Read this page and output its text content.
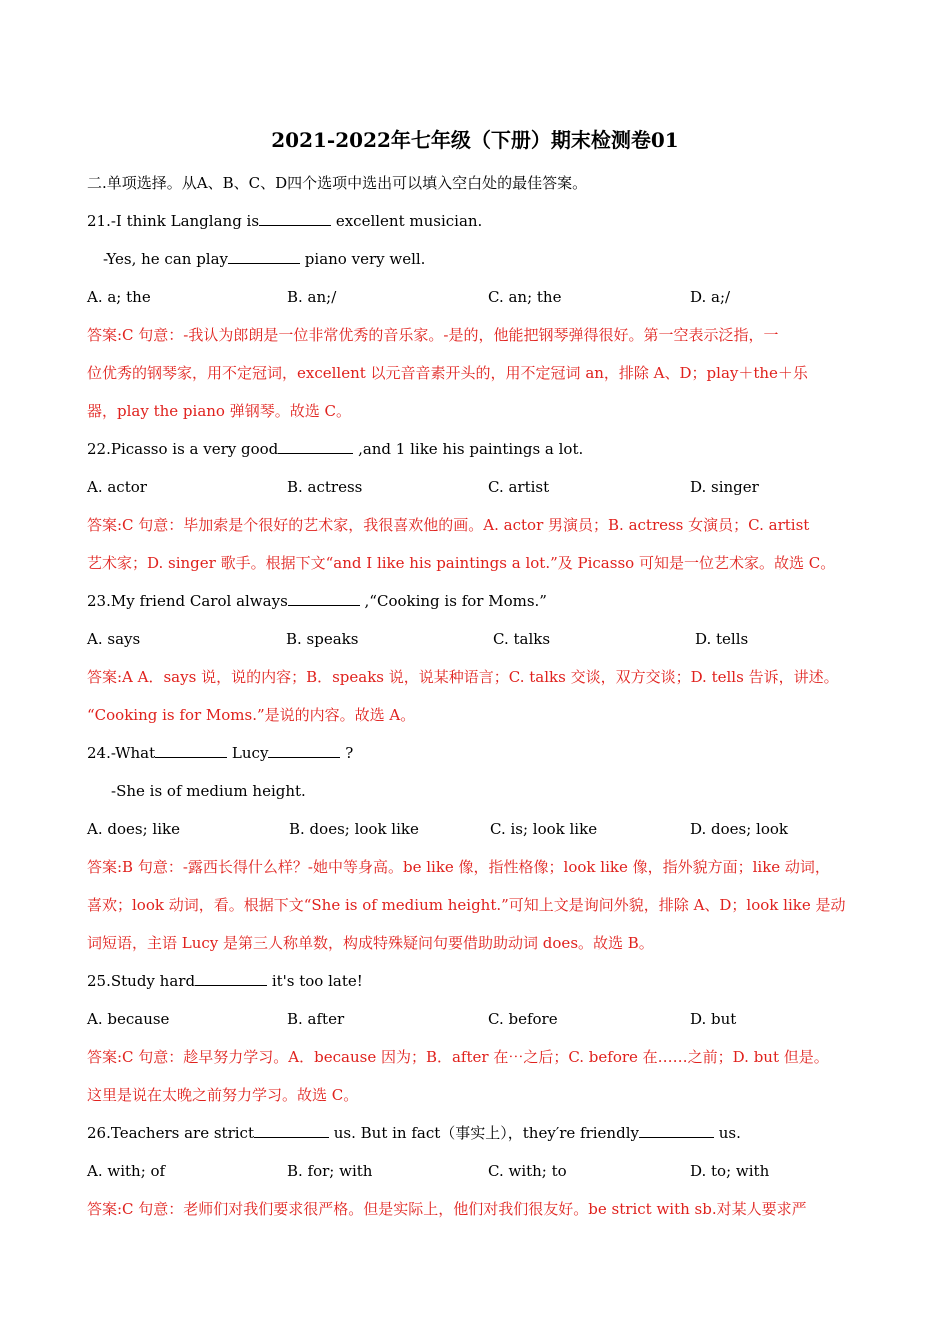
2021-2022年七年级（下册）期末检测卷01
二.单项选择。从A、B、C、D四个选项中选出可以填入空白处的最佳答案。
21.-I think Langlang is	excellent musician.
-Yes, he can play	piano very well.
A. a; the	B. an;/	C. an; the	D. a;/
答案:C 句意：-我认为郎朗是一位非常优秀的音乐家。-是的，他能把钢琴弹得很好。第一空表示泛指，一
位优秀的钢琴家，用不定冠词，excellent 以元音音素开头的，用不定冠词 an，排除 A、D；play＋the＋乐
器，play the piano 弹钢琴。故选 C。
22.Picasso is a very good	,and 1 like his paintings a lot.
A. actor	B. actress	C. artist	D. singer
答案:C 句意：毕加索是个很好的艺术家，我很喜欢他的画。A. actor 男演员；B. actress 女演员；C. artist
艺术家；D. singer 歌手。根据下文“and I like his paintings a lot.”及 Picasso 可知是一位艺术家。故选 C。
23.My friend Carol always	,“Cooking is for Moms.”
A. says	B. speaks	C. talks	D. tells
答案:A A．says 说，说的内容；B．speaks 说，说某种语言；C. talks 交谈，双方交谈；D. tells 告诉，讲述。
“Cooking is for Moms.”是说的内容。故选 A。
24.-What	Lucy	?
-She is of medium height.
A. does; like	B. does; look like	C. is; look like	D. does; look
答案:B 句意：-露西长得什么样？-她中等身高。be like 像，指性格像；look like 像，指外貌方面；like 动词，
喜欢；look 动词，看。根据下文“She is of medium height.”可知上文是询问外貌，排除 A、D；look like 是动
词短语，主语 Lucy 是第三人称单数，构成特殊疑问句要借助助动词 does。故选 B。
25.Study hard	it's too late!
A. because	B. after	C. before	D. but
答案:C 句意：趁早努力学习。A．because 因为；B．after 在⋯之后；C. before 在……之前；D. but 但是。
这里是说在太晚之前努力学习。故选 C。
26.Teachers are strict	us. But in fact（事实上），they′re friendly	us.
A. with; of	B. for; with	C. with; to	D. to; with
答案:C 句意：老师们对我们要求很严格。但是实际上，他们对我们很友好。be strict with sb.对某人要求严
